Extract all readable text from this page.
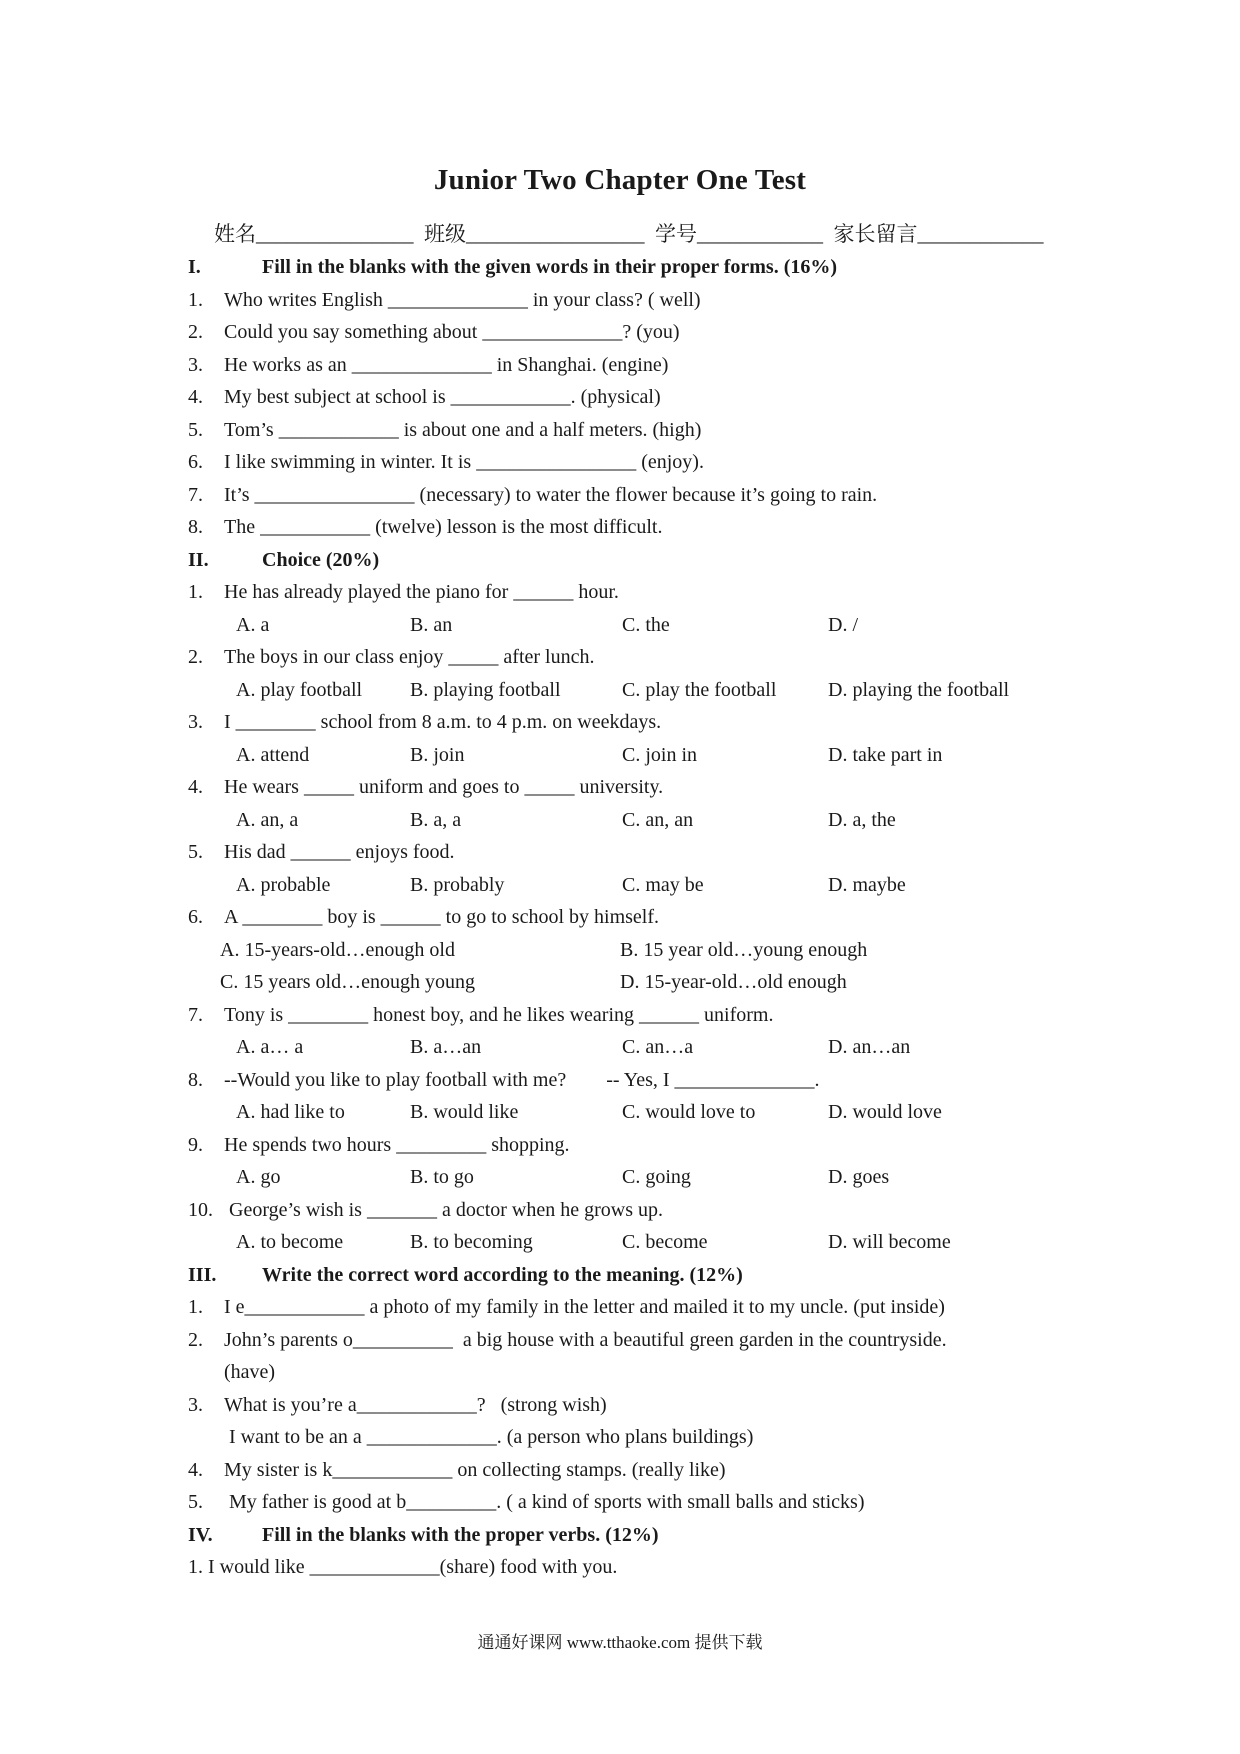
Junior Two Chapter One Test
姓名_______________  班级_________________  学号____________  家长留言____________
I.	Fill in the blanks with the given words in their proper forms. (16%)
1. Who writes English ______________ in your class? ( well)
2. Could you say something about ______________? (you)
3. He works as an ______________ in Shanghai. (engine)
4. My best subject at school is ____________. (physical)
5. Tom’s ____________ is about one and a half meters. (high)
6. I like swimming in winter. It is ________________ (enjoy).
7. It’s ________________ (necessary) to water the flower because it’s going to rain.
8. The ___________ (twelve) lesson is the most difficult.
II.	Choice (20%)
1. He has already played the piano for ______ hour.
A. a	B. an	C. the	D. /
2. The boys in our class enjoy _____ after lunch.
A. play football B. playing football	C. play the football	D. playing the football
3. I ________ school from 8 a.m. to 4 p.m. on weekdays.
A. attend	B. join	C. join in	D. take part in
4. He wears _____ uniform and goes to _____ university.
A. an, a	B. a, a	C. an, an	D. a, the
5. His dad ______ enjoys food.
A. probable	B. probably	C. may be	D. maybe
6. A ________ boy is ______ to go to school by himself.
A. 15-years-old…enough old	B. 15 year old…young enough
C. 15 years old…enough young	D. 15-year-old…old enough
7. Tony is ________ honest boy, and he likes wearing ______ uniform.
A. a… a	B. a…an	C. an…a	D. an…an
8. --Would you like to play football with me?        -- Yes, I ______________.
A. had like to	B. would like	C. would love to	D. would love
9. He spends two hours _________ shopping.
A. go	B. to go	C. going	D. goes
10. George’s wish is _______ a doctor when he grows up.
A. to become	B. to becoming	C. become	D. will become
III. Write the correct word according to the meaning. (12%)
1. I e____________ a photo of my family in the letter and mailed it to my uncle. (put inside)
2. John’s parents o__________  a big house with a beautiful green garden in the countryside.
(have)
3. What is you’re a____________?   (strong wish)
I want to be an a _____________. (a person who plans buildings)
4. My sister is k____________ on collecting stamps. (really like)
5. My father is good at b_________. ( a kind of sports with small balls and sticks)
IV. Fill in the blanks with the proper verbs. (12%)
1. I would like _____________(share) food with you.
通通好课网 www.tthaoke.com 提供下载
